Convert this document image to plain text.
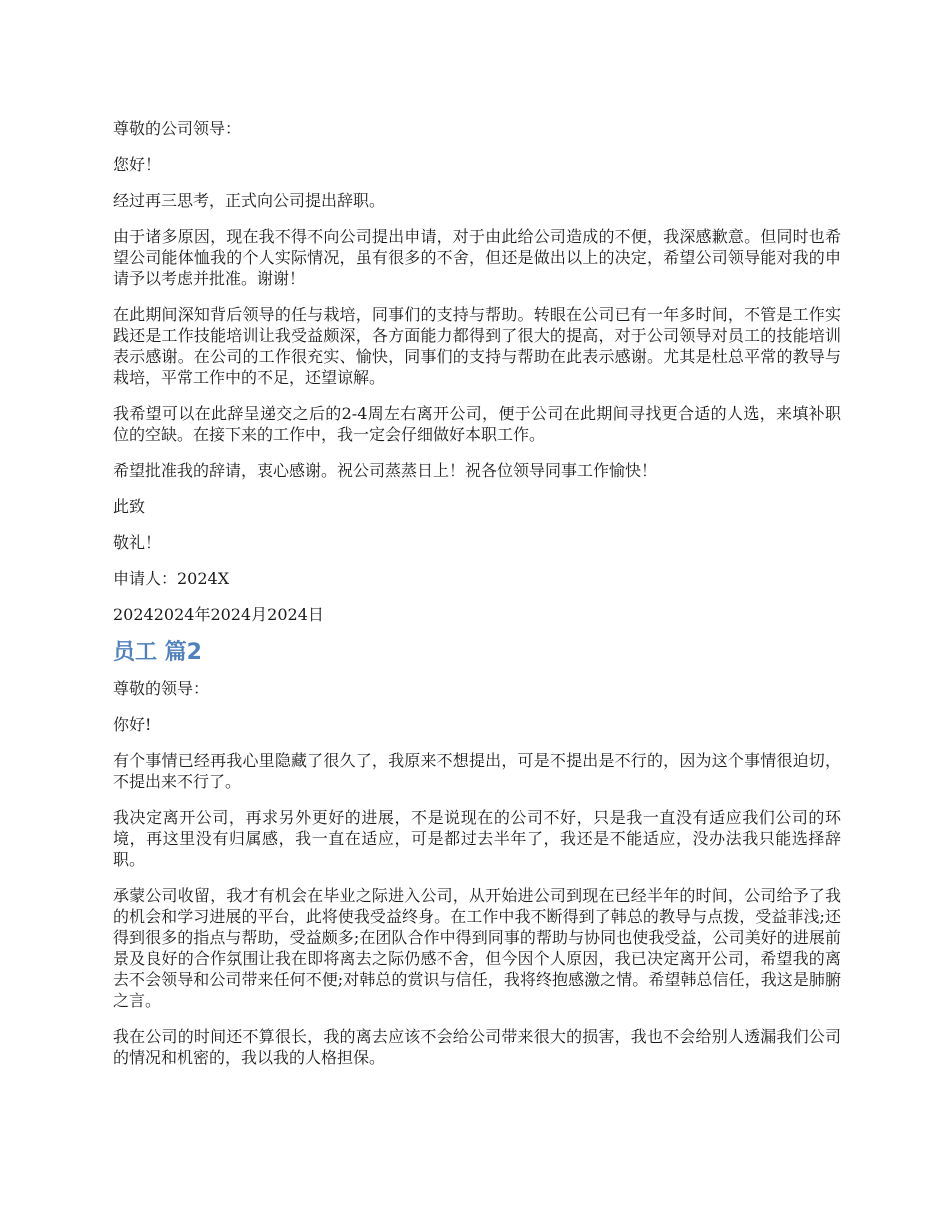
尊敬的公司领导：

您好！

经过再三思考，正式向公司提出辞职。

由于诸多原因，现在我不得不向公司提出申请，对于由此给公司造成的不便，我深感歉意。但同时也希望公司能体恤我的个人实际情况，虽有很多的不舍，但还是做出以上的决定，希望公司领导能对我的申请予以考虑并批准。谢谢！

在此期间深知背后领导的任与栽培，同事们的支持与帮助。转眼在公司已有一年多时间，不管是工作实践还是工作技能培训让我受益颇深，各方面能力都得到了很大的提高，对于公司领导对员工的技能培训表示感谢。在公司的工作很充实、愉快，同事们的支持与帮助在此表示感谢。尤其是杜总平常的教导与栽培，平常工作中的不足，还望谅解。

我希望可以在此辞呈递交之后的2-4周左右离开公司，便于公司在此期间寻找更合适的人选，来填补职位的空缺。在接下来的工作中，我一定会仔细做好本职工作。

希望批准我的辞请，衷心感谢。祝公司蒸蒸日上！祝各位领导同事工作愉快！

此致

敬礼！

申请人：2024X

20242024年2024月2024日

员工 篇2

尊敬的领导：

你好!

有个事情已经再我心里隐藏了很久了，我原来不想提出，可是不提出是不行的，因为这个事情很迫切，不提出来不行了。

我决定离开公司，再求另外更好的进展，不是说现在的公司不好，只是我一直没有适应我们公司的环境，再这里没有归属感，我一直在适应，可是都过去半年了，我还是不能适应，没办法我只能选择辞职。

承蒙公司收留，我才有机会在毕业之际进入公司，从开始进公司到现在已经半年的时间，公司给予了我的机会和学习进展的平台，此将使我受益终身。在工作中我不断得到了韩总的教导与点拨，受益菲浅;还得到很多的指点与帮助，受益颇多;在团队合作中得到同事的帮助与协同也使我受益，公司美好的进展前景及良好的合作氛围让我在即将离去之际仍感不舍，但今因个人原因，我已决定离开公司，希望我的离去不会领导和公司带来任何不便;对韩总的赏识与信任，我将终抱感激之情。希望韩总信任，我这是肺腑之言。

我在公司的时间还不算很长，我的离去应该不会给公司带来很大的损害，我也不会给别人透漏我们公司的情况和机密的，我以我的人格担保。
